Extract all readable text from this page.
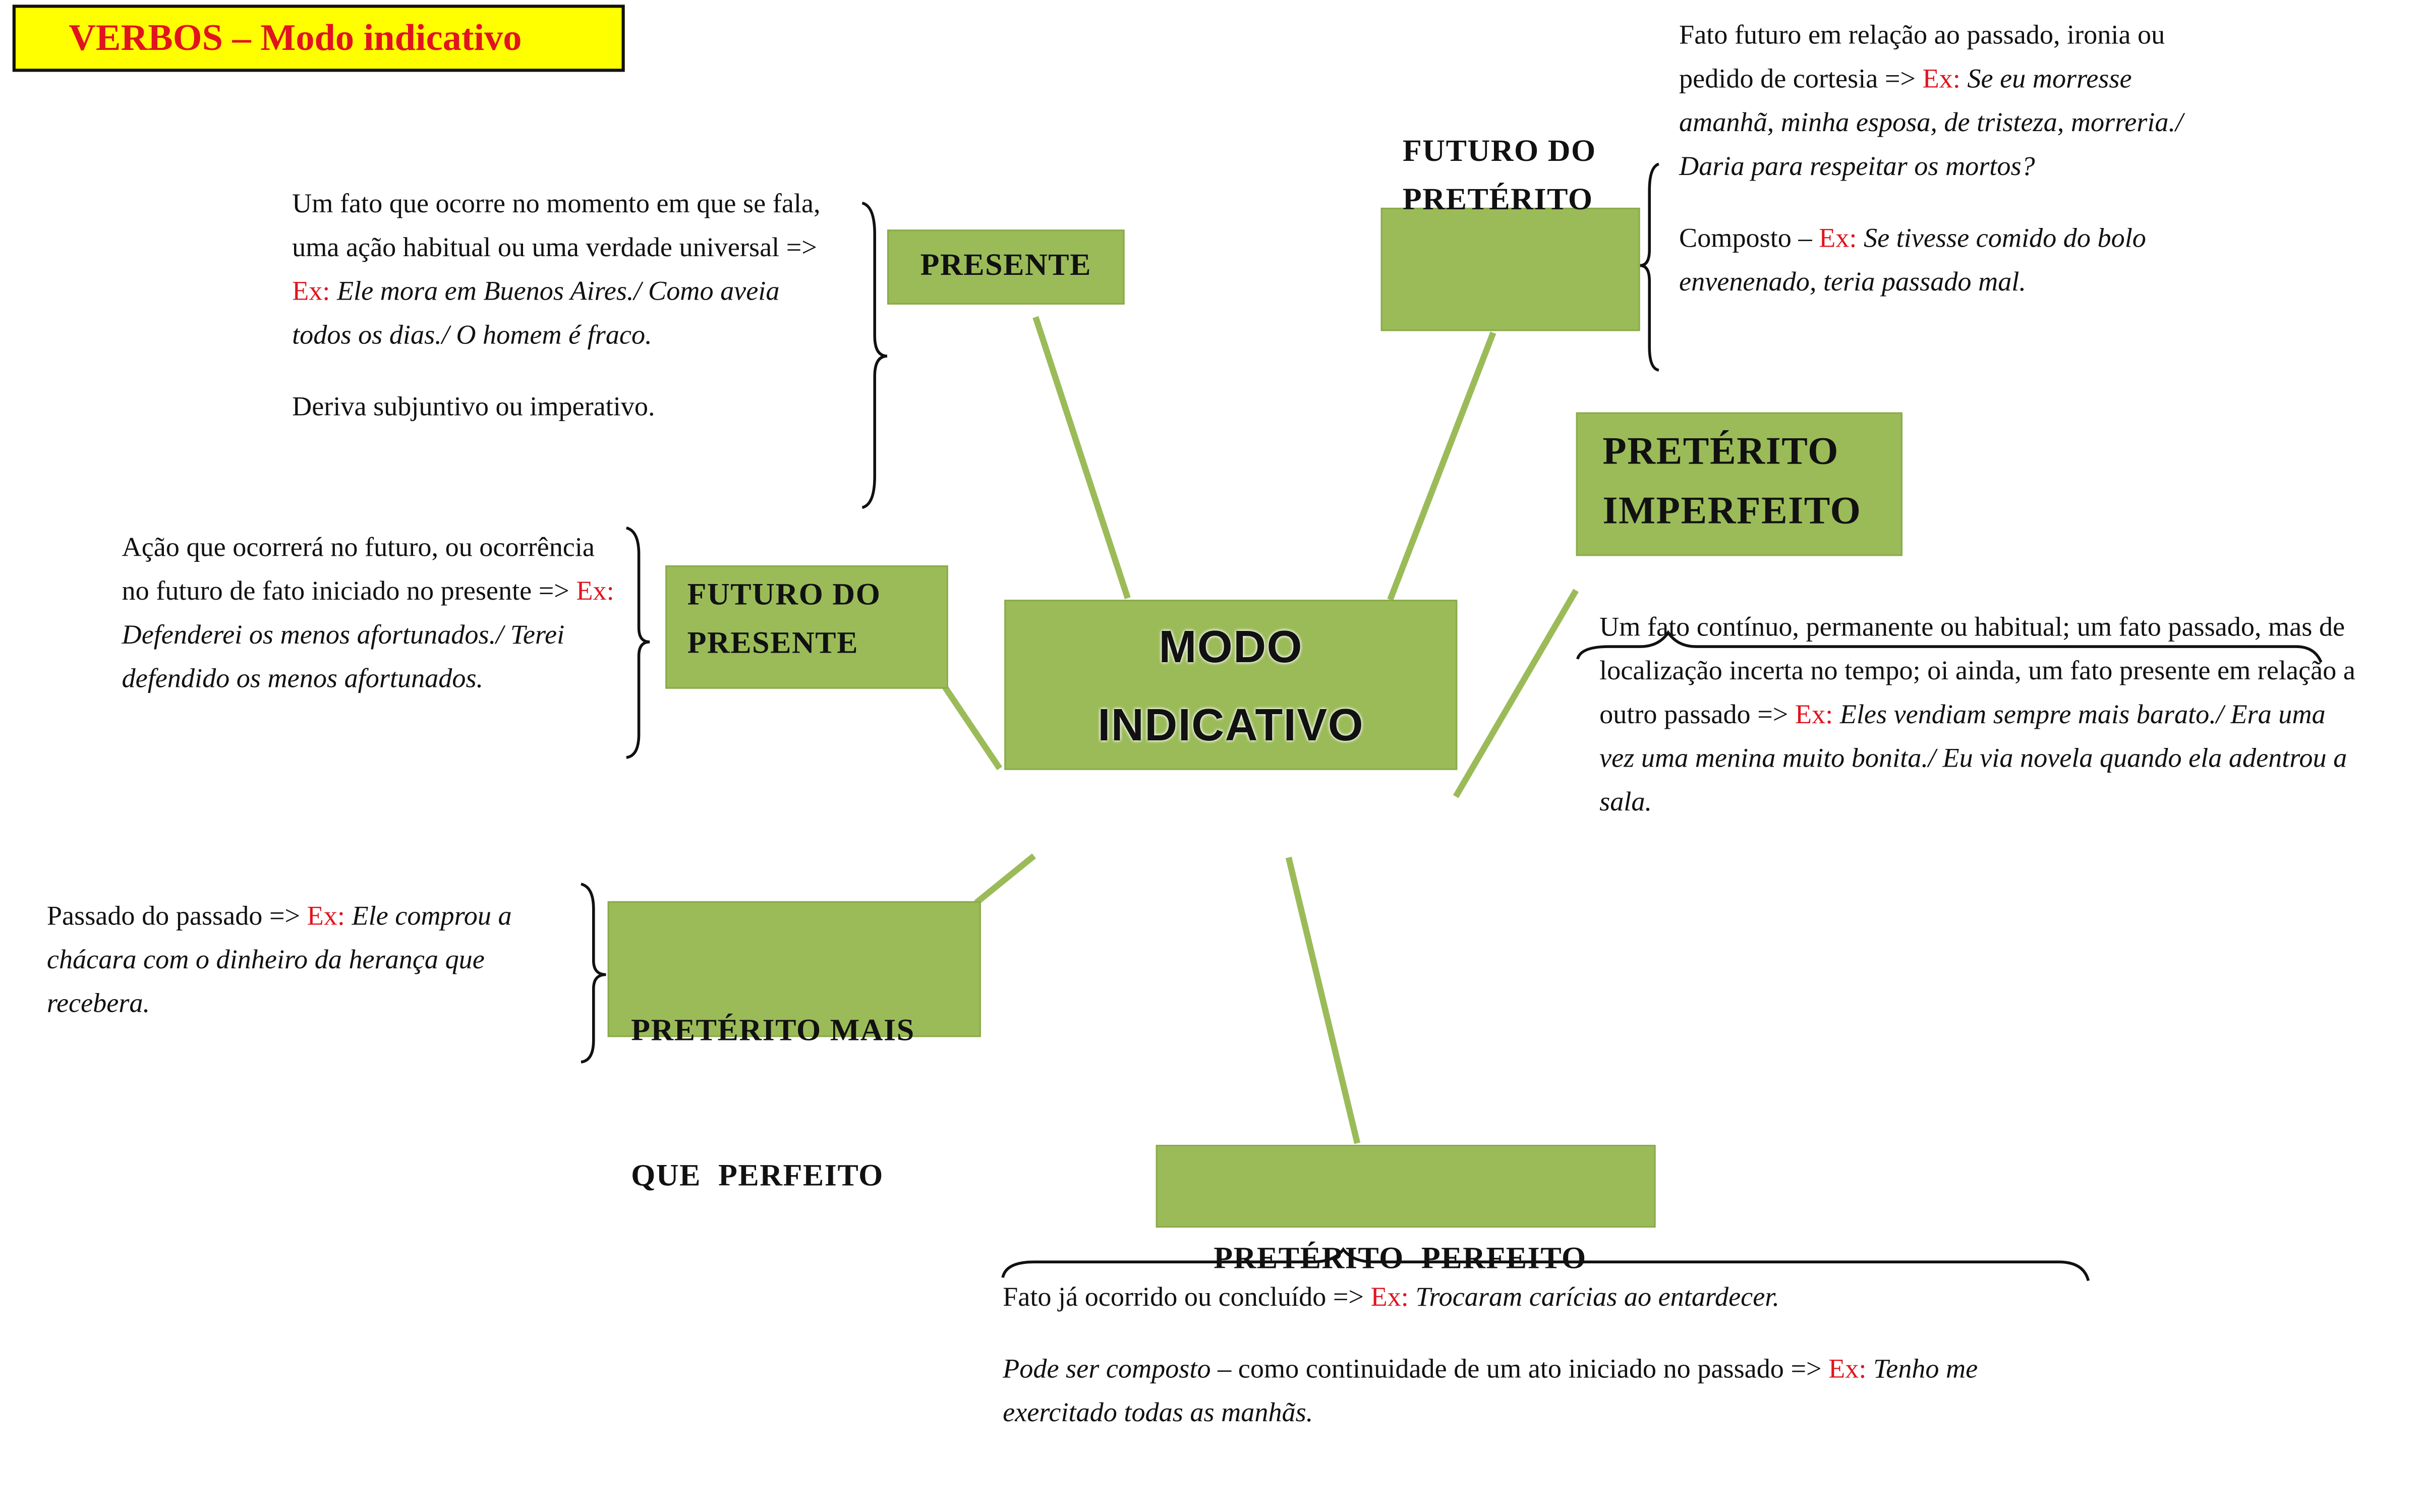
VERBOS – Modo indicativo
MODO
INDICATIVO
PRESENTE

Um fato que ocorre no momento em que se fala, uma ação habitual ou uma verdade universal => Ex: Ele mora em Buenos Aires./ Como aveia todos os dias./ O homem é fraco.

Deriva subjuntivo ou imperativo.

FUTURO DO
PRETÉRITO

Fato futuro em relação ao passado, ironia ou pedido de cortesia => Ex: Se eu morresse amanhã, minha esposa, de tristeza, morreria./ Daria para respeitar os mortos?

Composto – Ex: Se tivesse comido do bolo envenenado, teria passado mal.

PRETÉRITO
IMPERFEITO

Um fato contínuo, permanente ou habitual; um fato passado, mas de localização incerta no tempo; oi ainda, um fato presente em relação a outro passado => Ex: Eles vendiam sempre mais barato./ Era uma vez uma menina muito bonita./ Eu via novela quando ela adentrou a sala.

FUTURO DO
PRESENTE

Ação que ocorrerá no futuro, ou ocorrência no futuro de fato iniciado no presente => Ex: Defenderei os menos afortunados./ Terei defendido os menos afortunados.

PRETÉRITO MAIS

QUE  PERFEITO

Passado do passado => Ex: Ele comprou a chácara com o dinheiro da herança que recebera.

PRETÉRITO  PERFEITO

Fato já ocorrido ou concluído => Ex: Trocaram carícias ao entardecer.

Pode ser composto – como continuidade de um ato iniciado no passado => Ex: Tenho me exercitado todas as manhãs.
